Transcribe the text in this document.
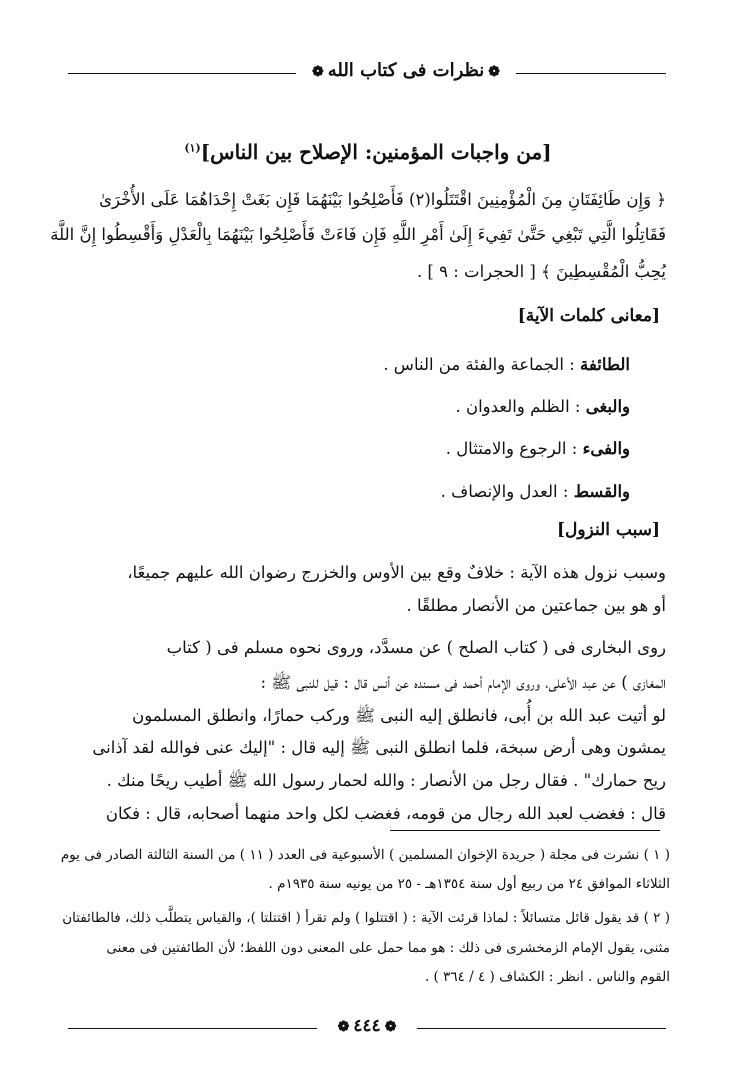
❁نظرات فى كتاب الله❁
[من واجبات المؤمنين: الإصلاح بين الناس]$^{(١)}$
﴿ وَإِن طَائِفَتَانِ مِنَ الْمُؤْمِنِينَ اقْتَتَلُوا(٢) فَأَصْلِحُوا بَيْنَهُمَا فَإِن بَغَتْ إِحْدَاهُمَا عَلَى الأُخْرَىٰ
فَقَاتِلُوا الَّتِي تَبْغِي حَتَّىٰ تَفِيءَ إِلَىٰ أَمْرِ اللَّهِ فَإِن فَاءَتْ فَأَصْلِحُوا بَيْنَهُمَا بِالْعَدْلِ وَأَقْسِطُوا إِنَّ اللَّهَ
يُحِبُّ الْمُقْسِطِينَ ﴾ [ الحجرات : ٩ ] .
[معانى كلمات الآية]
الطائفة : الجماعة والفئة من الناس .
والبغى : الظلم والعدوان .
والفىء : الرجوع والامتثال .
والقسط : العدل والإنصاف .
[سبب النزول]
وسبب نزول هذه الآية : خلافٌ وقع بين الأوس والخزرج رضوان الله عليهم جميعًا،
أو هو بين جماعتين من الأنصار مطلقًا .
روى البخارى فى ( كتاب الصلح ) عن مسدَّد، وروى نحوه مسلم فى ( كتاب
المغازى ) عن عبد الأعلى، وروى الإمام أحمد فى مسنده عن أنس قال : قيل للنبى ﷺ :
لو أتيت عبد الله بن أُبى، فانطلق إليه النبى ﷺ وركب حمارًا، وانطلق المسلمون
يمشون وهى أرض سبخة، فلما انطلق النبى ﷺ إليه قال : "إليك عنى فوالله لقد آذانى
ريح حمارك" . فقال رجل من الأنصار : والله لحمار رسول الله ﷺ أطيب ريحًا منك .
قال : فغضب لعبد الله رجال من قومه، فغضب لكل واحد منهما أصحابه، قال : فكان
( ١ ) نشرت فى مجلة ( جريدة الإخوان المسلمين ) الأسبوعية فى العدد ( ١١ ) من السنة الثالثة الصادر فى يوم
الثلاثاء الموافق ٢٤ من ربيع أول سنة ١٣٥٤هـ - ٢٥ من يونيه سنة ١٩٣٥م .
( ٢ ) قد يقول قائل متسائلاً : لماذا قرئت الآية : ( اقتتلوا ) ولم تقرأ ( اقتتلتا )، والقياس يتطلَّب ذلك، فالطائفتان
مثنى، يقول الإمام الزمخشرى فى ذلك : هو مما حمل على المعنى دون اللفظ؛ لأن الطائفتين فى معنى
القوم والناس . انظر : الكشاف ( ٤ / ٣٦٤ ) .
❁٤٤٤❁
